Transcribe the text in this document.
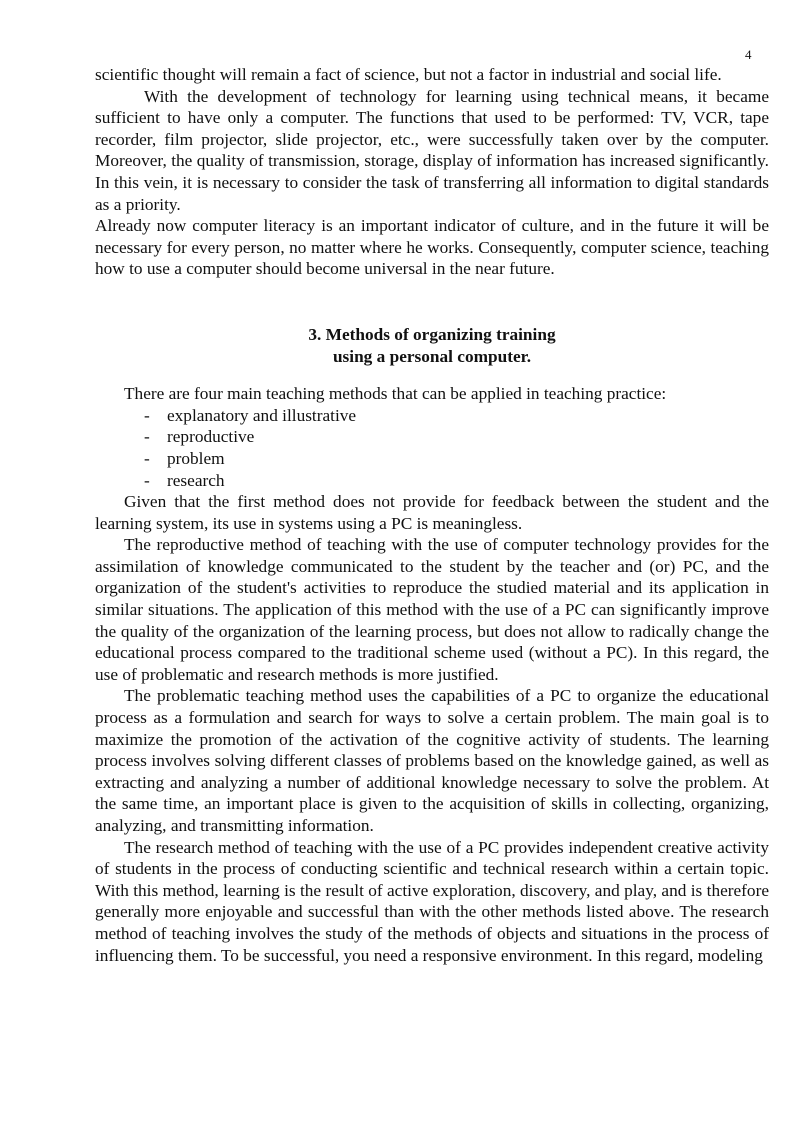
4

scientific thought will remain a fact of science, but not a factor in industrial and social life.

With the development of technology for learning using technical means, it became sufficient to have only a computer. The functions that used to be performed: TV, VCR, tape recorder, film projector, slide projector, etc., were successfully taken over by the computer. Moreover, the quality of transmission, storage, display of information has increased significantly. In this vein, it is necessary to consider the task of transferring all information to digital standards as a priority.

Already now computer literacy is an important indicator of culture, and in the future it will be necessary for every person, no matter where he works. Consequently, computer science, teaching how to use a computer should become universal in the near future.

3. Methods of organizing training
using a personal computer.

There are four main teaching methods that can be applied in teaching practice:

- explanatory and illustrative
- reproductive
- problem
- research

Given that the first method does not provide for feedback between the student and the learning system, its use in systems using a PC is meaningless.

The reproductive method of teaching with the use of computer technology provides for the assimilation of knowledge communicated to the student by the teacher and (or) PC, and the organization of the student's activities to reproduce the studied material and its application in similar situations. The application of this method with the use of a PC can significantly improve the quality of the organization of the learning process, but does not allow to radically change the educational process compared to the traditional scheme used (without a PC). In this regard, the use of problematic and research methods is more justified.

The problematic teaching method uses the capabilities of a PC to organize the educational process as a formulation and search for ways to solve a certain problem. The main goal is to maximize the promotion of the activation of the cognitive activity of students. The learning process involves solving different classes of problems based on the knowledge gained, as well as extracting and analyzing a number of additional knowledge necessary to solve the problem. At the same time, an important place is given to the acquisition of skills in collecting, organizing, analyzing, and transmitting information.

The research method of teaching with the use of a PC provides independent creative activity of students in the process of conducting scientific and technical research within a certain topic. With this method, learning is the result of active exploration, discovery, and play, and is therefore generally more enjoyable and successful than with the other methods listed above. The research method of teaching involves the study of the methods of objects and situations in the process of influencing them. To be successful, you need a responsive environment. In this regard, modeling
